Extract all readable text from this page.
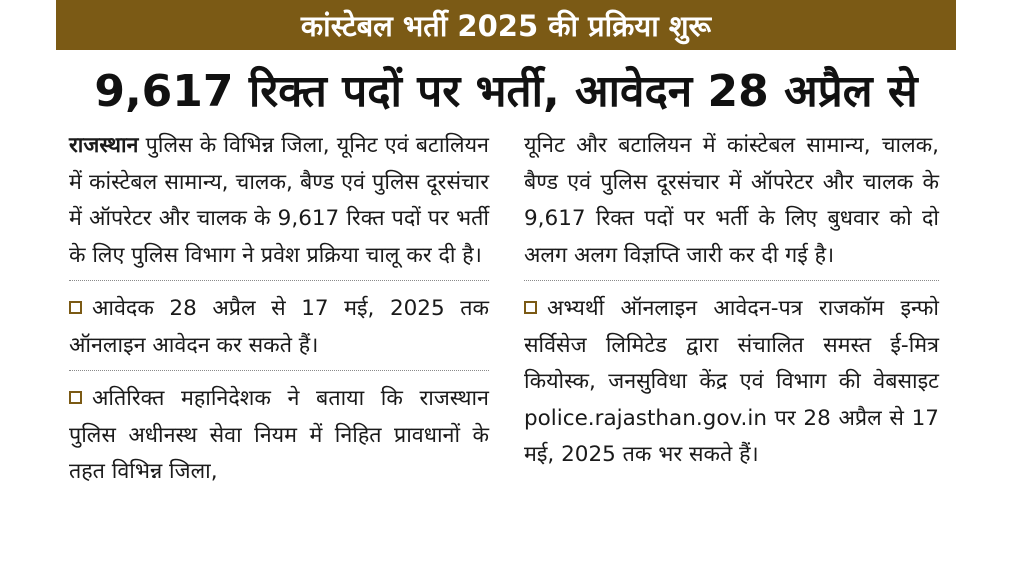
कांस्टेबल भर्ती 2025 की प्रक्रिया शुरू
9,617 रिक्त पदों पर भर्ती, आवेदन 28 अप्रैल से

राजस्थान पुलिस के विभिन्न जिला, यूनिट एवं बटालियन में कांस्टेबल सामान्य, चालक, बैण्ड एवं पुलिस दूरसंचार में ऑपरेटर और चालक के 9,617 रिक्त पदों पर भर्ती के लिए पुलिस विभाग ने प्रवेश प्रक्रिया चालू कर दी है।

आवेदक 28 अप्रैल से 17 मई, 2025 तक ऑनलाइन आवेदन कर सकते हैं।

अतिरिक्त महानिदेशक ने बताया कि राजस्थान पुलिस अधीनस्थ सेवा नियम में निहित प्रावधानों के तहत विभिन्न जिला,

यूनिट और बटालियन में कांस्टेबल सामान्य, चालक, बैण्ड एवं पुलिस दूरसंचार में ऑपरेटर और चालक के 9,617 रिक्त पदों पर भर्ती के लिए बुधवार को दो अलग अलग विज्ञप्ति जारी कर दी गई है।

अभ्यर्थी ऑनलाइन आवेदन-पत्र राजकॉम इन्फो सर्विसेज लिमिटेड द्वारा संचालित समस्त ई-मित्र कियोस्क, जनसुविधा केंद्र एवं विभाग की वेबसाइट police.rajasthan.gov.in पर 28 अप्रैल से 17 मई, 2025 तक भर सकते हैं।
